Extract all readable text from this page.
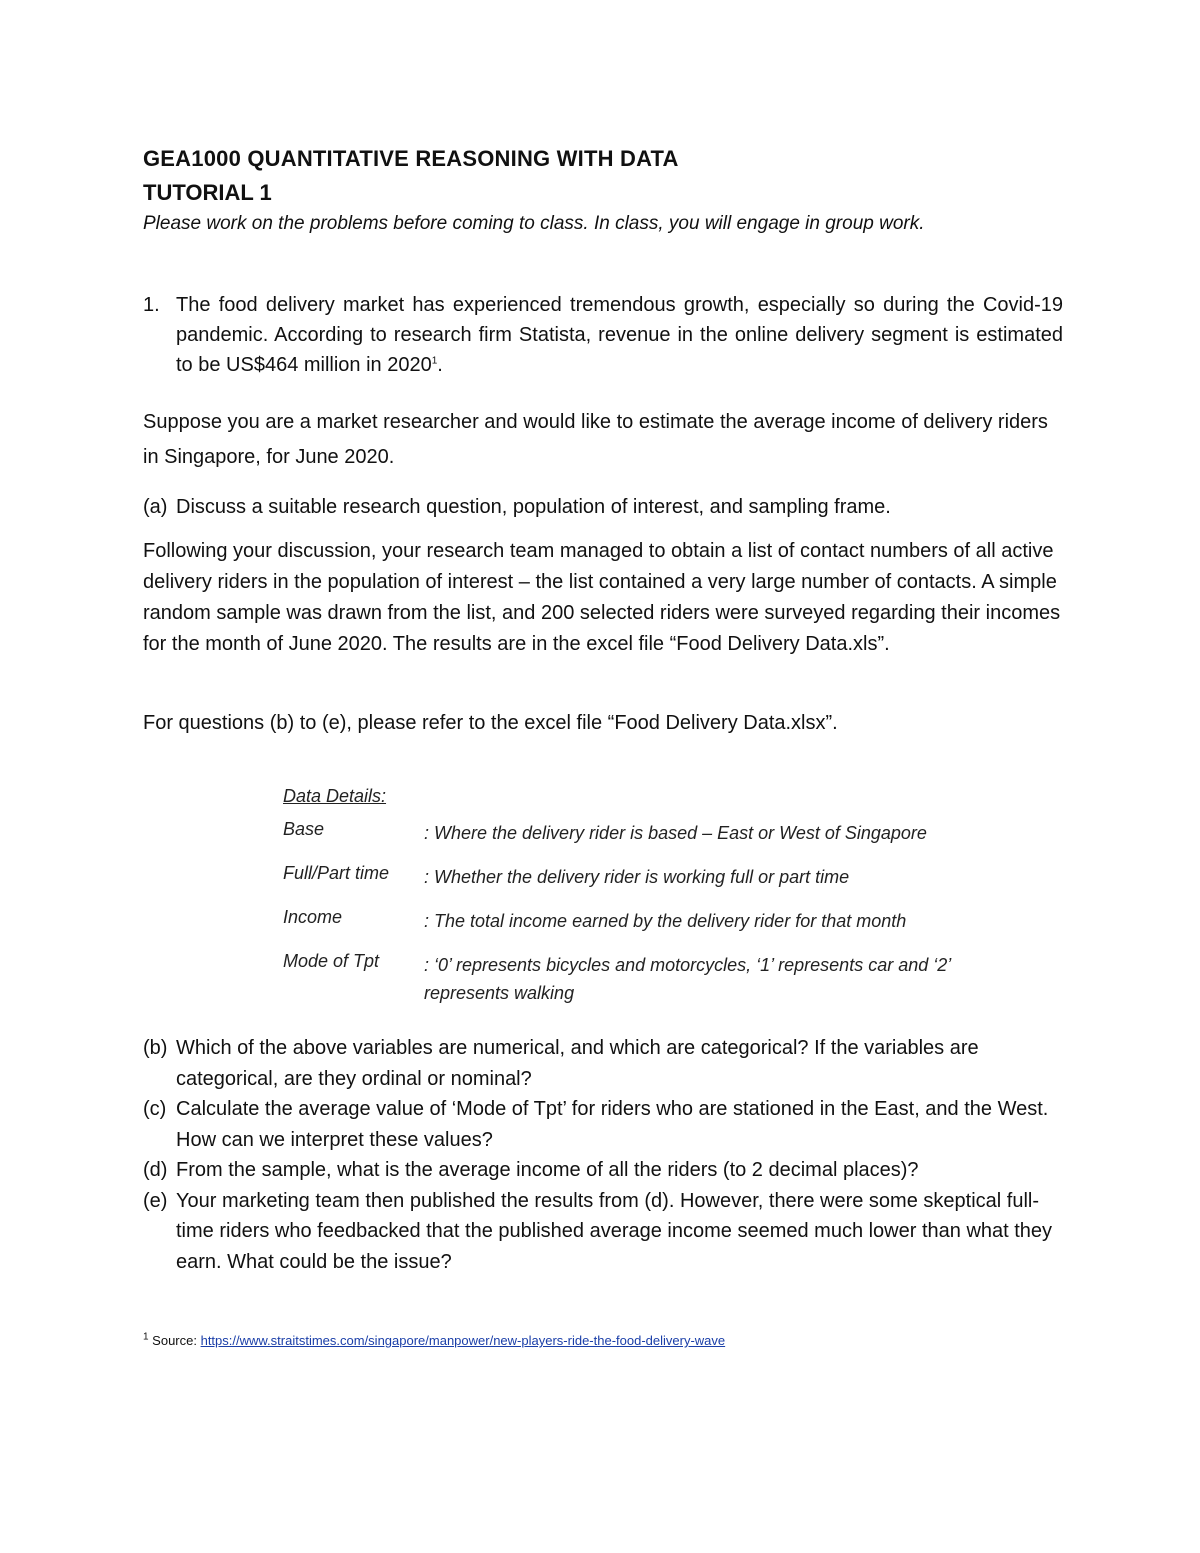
GEA1000 QUANTITATIVE REASONING WITH DATA
TUTORIAL 1
Please work on the problems before coming to class. In class, you will engage in group work.
1. The food delivery market has experienced tremendous growth, especially so during the Covid-19 pandemic. According to research firm Statista, revenue in the online delivery segment is estimated to be US$464 million in 2020$^1$.

Suppose you are a market researcher and would like to estimate the average income of delivery riders in Singapore, for June 2020.

(a) Discuss a suitable research question, population of interest, and sampling frame.

Following your discussion, your research team managed to obtain a list of contact numbers of all active delivery riders in the population of interest – the list contained a very large number of contacts. A simple random sample was drawn from the list, and 200 selected riders were surveyed regarding their incomes for the month of June 2020. The results are in the excel file “Food Delivery Data.xls”.

For questions (b) to (e), please refer to the excel file “Food Delivery Data.xlsx”.

Data Details:
Base	: Where the delivery rider is based – East or West of Singapore
Full/Part time : Whether the delivery rider is working full or part time
Income	: The total income earned by the delivery rider for that month
Mode of Tpt : ‘0’ represents bicycles and motorcycles, ‘1’ represents car and ‘2’ represents walking
(b) Which of the above variables are numerical, and which are categorical? If the variables are categorical, are they ordinal or nominal?
(c) Calculate the average value of ‘Mode of Tpt’ for riders who are stationed in the East, and the West. How can we interpret these values?
(d) From the sample, what is the average income of all the riders (to 2 decimal places)?
(e) Your marketing team then published the results from (d). However, there were some skeptical full-time riders who feedbacked that the published average income seemed much lower than what they earn. What could be the issue?
$^1$ Source: https://www.straitstimes.com/singapore/manpower/new-players-ride-the-food-delivery-wave
